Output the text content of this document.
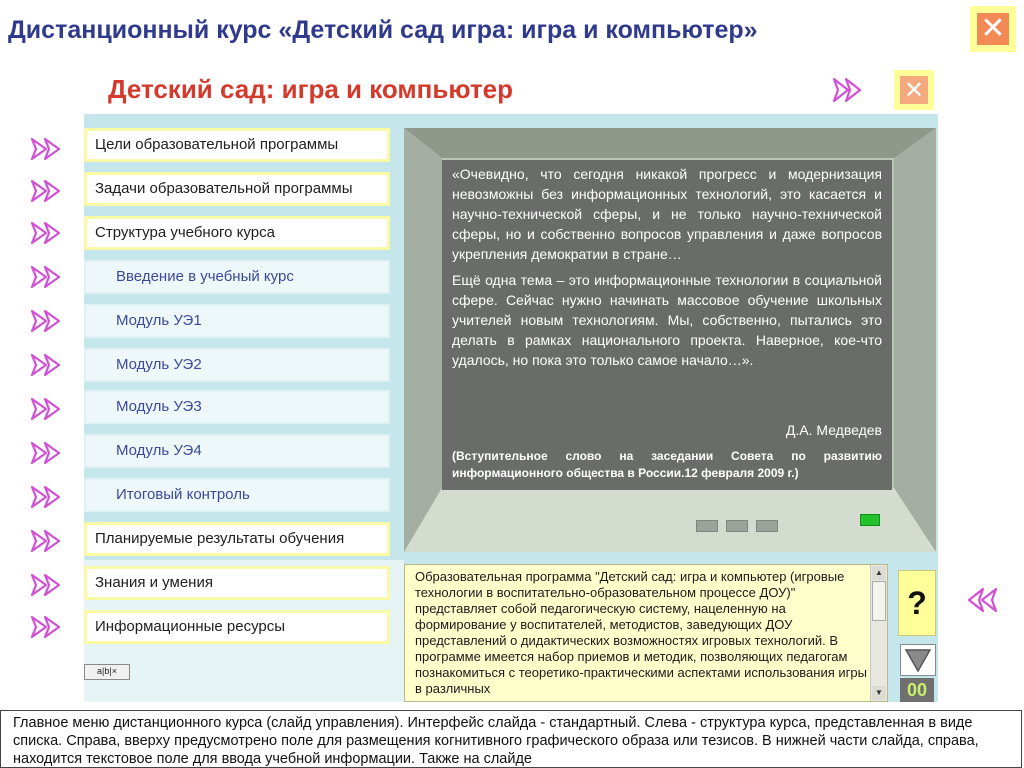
Дистанционный курс «Детский сад игра: игра и компьютер»	✕
Детский сад: игра и компьютер	✕
Цели образовательной программы
Задачи образовательной программы
Структура учебного курса
Введение в учебный курс
Модуль УЭ1
Модуль УЭ2
Модуль УЭ3
Модуль УЭ4
Итоговый контроль
Планируемые результаты обучения
Знания и умения
Информационные ресурсы

«Очевидно, что сегодня никакой прогресс и модернизация невозможны без информационных технологий, это касается и научно-технической сферы, и не только научно-технической сферы, но и собственно вопросов управления и даже вопросов укрепления демократии в стране…

Ещё одна тема – это информационные технологии в социальной сфере. Сейчас нужно начинать массовое обучение школьных учителей новым технологиям. Мы, собственно, пытались это делать в рамках национального проекта. Наверное, кое-что удалось, но пока это только самое начало…».

Д.А. Медведев
(Вступительное слово на заседании Совета по развитию информационного общества в России.12 февраля 2009 г.)
Образовательная программа "Детский сад: игра и компьютер (игровые технологии в воспитательно-образовательном процессе ДОУ)" представляет собой педагогическую систему, нацеленную на формирование у воспитателей, методистов, заведующих ДОУ представлений о дидактических возможностях игровых технологий. В программе имеется набор приемов и методик, позволяющих педагогам познакомиться с теоретико-практическими аспектами использования игры в различных
▲
▼
?
00
a|b|×
Главное меню дистанционного курса (слайд управления). Интерфейс слайда - стандартный. Слева - структура курса, представленная в виде списка. Справа, вверху предусмотрено поле для размещения когнитивного графического образа или тезисов. В нижней части слайда, справа, находится текстовое поле для ввода учебной информации. Также на слайде
